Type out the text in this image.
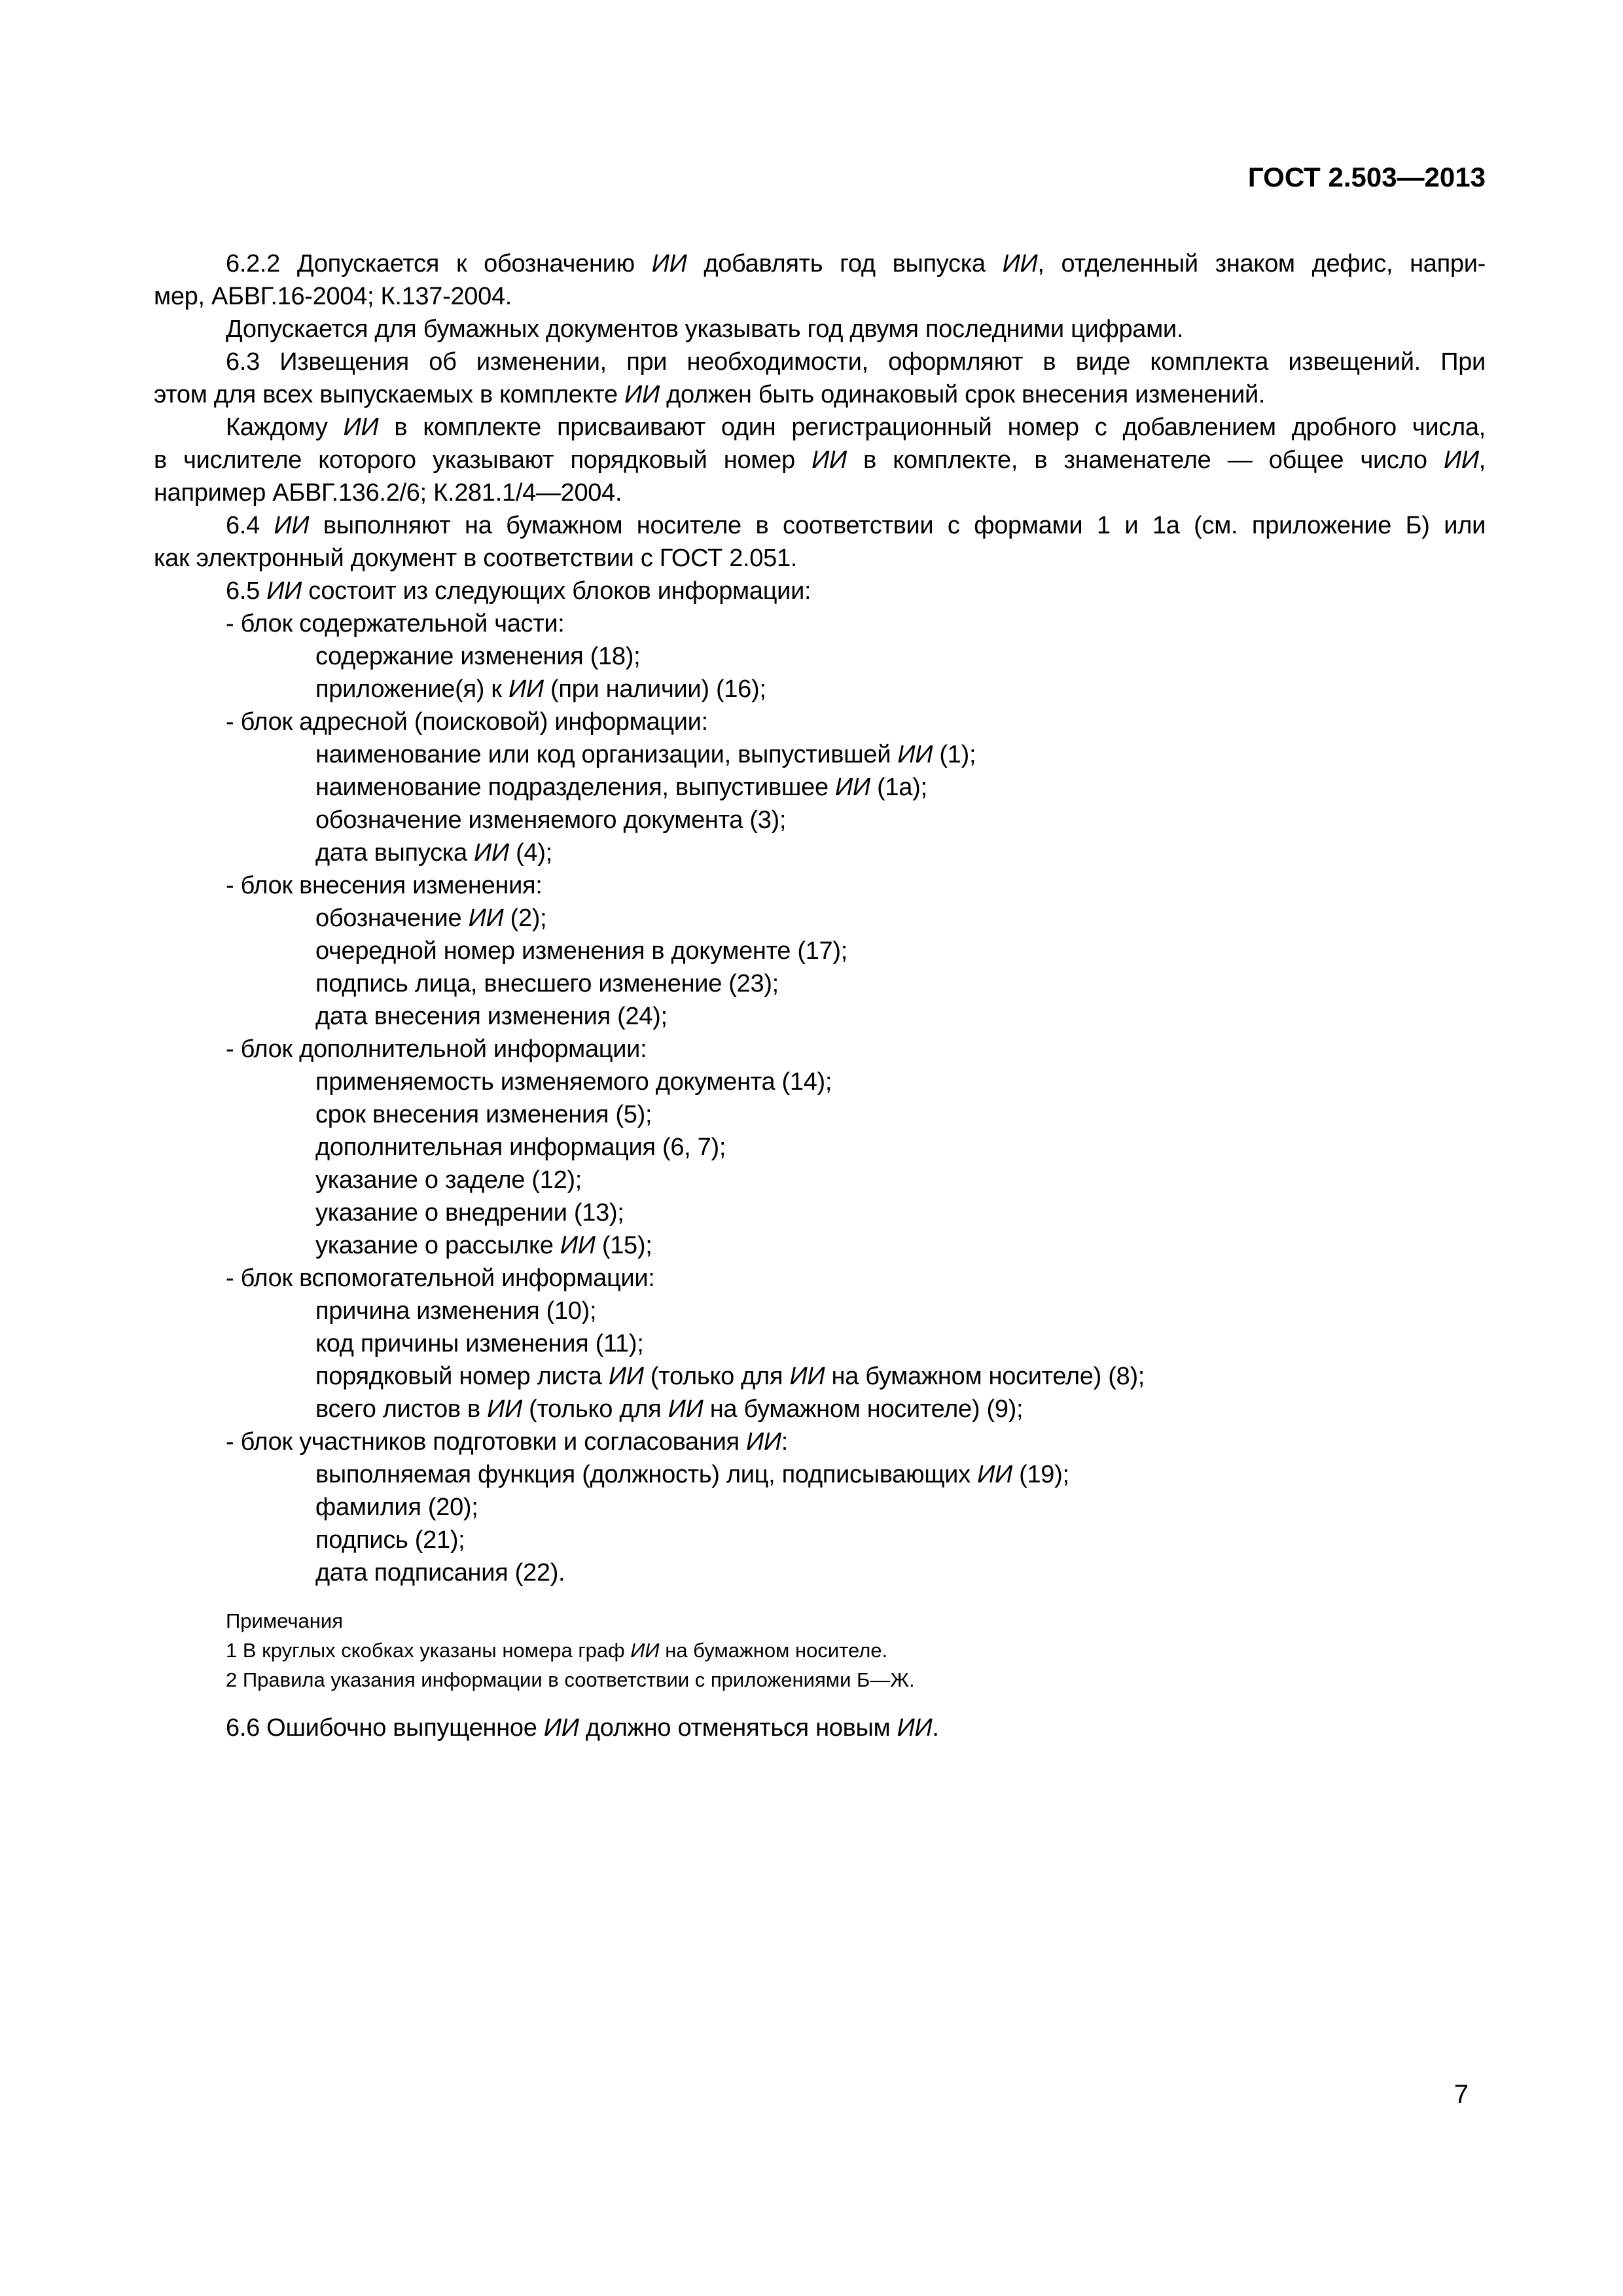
ГОСТ 2.503—2013
6.2.2 Допускается к обозначению ИИ добавлять год выпуска ИИ, отделенный знаком дефис, напри-
мер, АБВГ.16-2004; К.137-2004.
Допускается для бумажных документов указывать год двумя последними цифрами.
6.3 Извещения об изменении, при необходимости, оформляют в виде комплекта извещений. При
этом для всех выпускаемых в комплекте ИИ должен быть одинаковый срок внесения изменений.
Каждому ИИ в комплекте присваивают один регистрационный номер с добавлением дробного числа,
в числителе которого указывают порядковый номер ИИ в комплекте, в знаменателе — общее число ИИ,
например АБВГ.136.2/6; К.281.1/4—2004.
6.4 ИИ выполняют на бумажном носителе в соответствии с формами 1 и 1а (см. приложение Б) или
как электронный документ в соответствии с ГОСТ 2.051.
6.5 ИИ состоит из следующих блоков информации:
- блок содержательной части:
содержание изменения (18);
приложение(я) к ИИ (при наличии) (16);
- блок адресной (поисковой) информации:
наименование или код организации, выпустившей ИИ (1);
наименование подразделения, выпустившее ИИ (1а);
обозначение изменяемого документа (3);
дата выпуска ИИ (4);
- блок внесения изменения:
обозначение ИИ (2);
очередной номер изменения в документе (17);
подпись лица, внесшего изменение (23);
дата внесения изменения (24);
- блок дополнительной информации:
применяемость изменяемого документа (14);
срок внесения изменения (5);
дополнительная информация (6, 7);
указание о заделе (12);
указание о внедрении (13);
указание о рассылке ИИ (15);
- блок вспомогательной информации:
причина изменения (10);
код причины изменения (11);
порядковый номер листа ИИ (только для ИИ на бумажном носителе) (8);
всего листов в ИИ (только для ИИ на бумажном носителе) (9);
- блок участников подготовки и согласования ИИ:
выполняемая функция (должность) лиц, подписывающих ИИ (19);
фамилия (20);
подпись (21);
дата подписания (22).
Примечания
1 В круглых скобках указаны номера граф ИИ на бумажном носителе.
2 Правила указания информации в соответствии с приложениями Б—Ж.
6.6 Ошибочно выпущенное ИИ должно отменяться новым ИИ.
7
